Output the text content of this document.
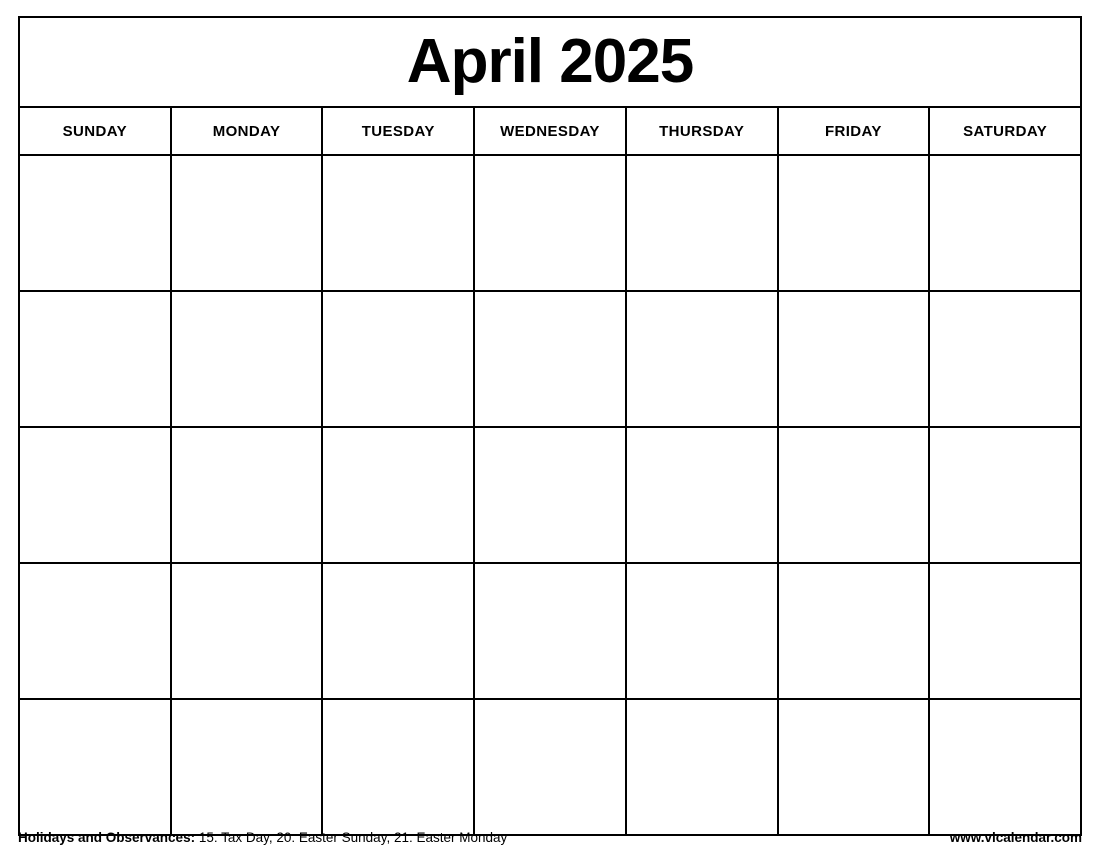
April 2025						
SUNDAY	MONDAY	TUESDAY	WEDNESDAY	THURSDAY	FRIDAY	SATURDAY

Holidays and Observances: 15: Tax Day, 20: Easter Sunday, 21: Easter Monday	www.vlcalendar.com
